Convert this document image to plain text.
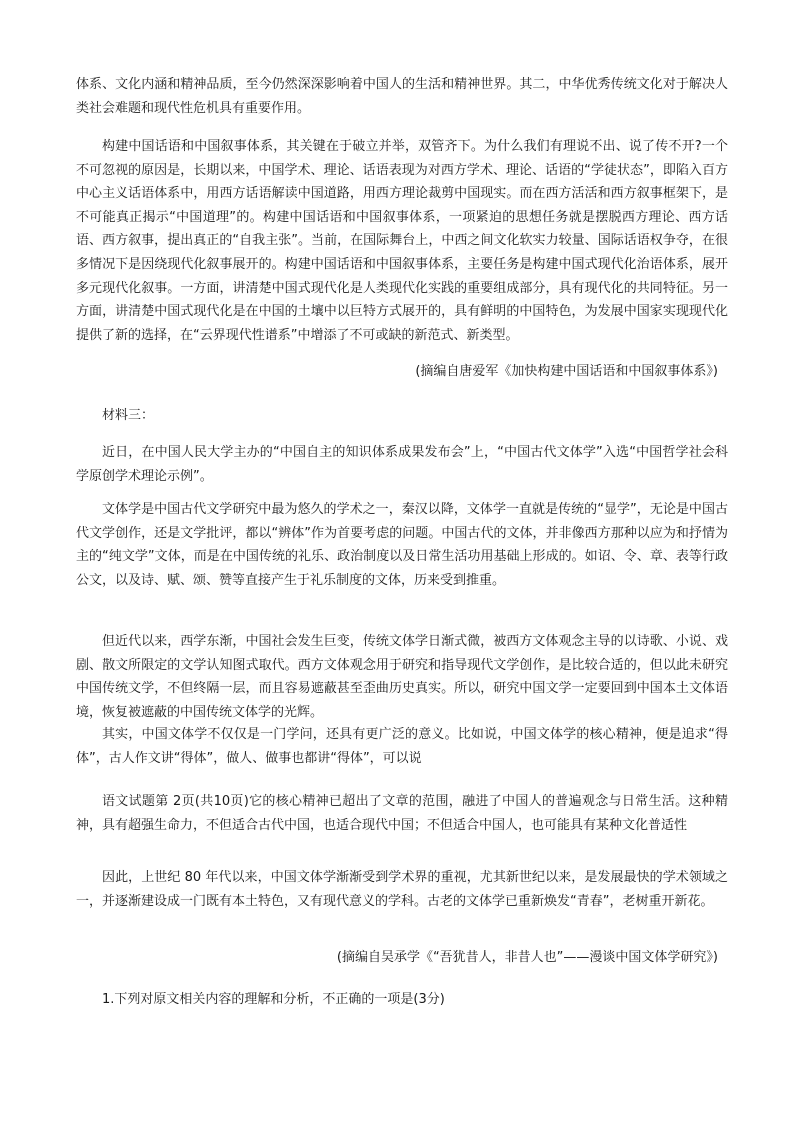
体系、文化内涵和精神品质，至今仍然深深影响着中国人的生活和精神世界。其二，中华优秀传统文化对于解决人类社会难题和现代性危机具有重要作用。

构建中国话语和中国叙事体系，其关键在于破立并举，双管齐下。为什么我们有理说不出、说了传不开?一个不可忽视的原因是，长期以来，中国学术、理论、话语表现为对西方学术、理论、话语的“学徒状态”，即陷入百方中心主义话语体系中，用西方话语解读中国道路，用西方理论裁剪中国现实。而在西方活活和西方叙事框架下，是不可能真正揭示“中国道理”的。构建中国话语和中国叙事体系，一项紧迫的思想任务就是摆脱西方理论、西方话语、西方叙事，提出真正的“自我主张”。当前，在国际舞台上，中西之间文化软实力较量、国际话语权争夺，在很多情况下是因绕现代化叙事展开的。构建中国话语和中国叙事体系，主要任务是构建中国式现代化治语体系，展开多元现代化叙事。一方面，讲清楚中国式现代化是人类现代化实践的重要组成部分，具有现代化的共同特征。另一方面，讲清楚中国式现代化是在中国的土壤中以巨特方式展开的，具有鲜明的中国特色，为发展中国家实现现代化提供了新的选择，在“云界现代性谱系”中增添了不可或缺的新范式、新类型。

(摘编自唐爱军《加快构建中国话语和中国叙事体系》)
材料三：

近日，在中国人民大学主办的“中国自主的知识体系成果发布会”上，“中国古代文体学”入选“中国哲学社会科学原创学术理论示例”。

文体学是中国古代文学研究中最为悠久的学术之一，秦汉以降，文体学一直就是传统的“显学”，无论是中国古代文学创作，还是文学批评，都以“辨体”作为首要考虑的问题。中国古代的文体，并非像西方那种以应为和抒情为主的“纯文学”文体，而是在中国传统的礼乐、政治制度以及日常生活功用基础上形成的。如诏、令、章、表等行政公文，以及诗、赋、颂、赞等直接产生于礼乐制度的文体，历来受到推重。

但近代以来，西学东渐，中国社会发生巨变，传统文体学日渐式微，被西方文体观念主导的以诗歌、小说、戏剧、散文所限定的文学认知图式取代。西方文体观念用于研究和指导现代文学创作，是比较合适的，但以此未研究中国传统文学，不但终隔一层，而且容易遮蔽甚至歪曲历史真实。所以，研究中国文学一定要回到中国本土文体语境，恢复被遮蔽的中国传统文体学的光辉。

其实，中国文体学不仅仅是一门学问，还具有更广泛的意义。比如说，中国文体学的核心精神，便是追求“得体”，古人作文讲“得体”，做人、做事也都讲“得体”，可以说

语文试题第 2页(共10页)它的核心精神已超出了文章的范围，融进了中国人的普遍观念与日常生活。这种精神，具有超强生命力，不但适合古代中国，也适合现代中国；不但适合中国人，也可能具有某种文化普适性

因此，上世纪 80 年代以来，中国文体学渐渐受到学术界的重视，尤其新世纪以来，是发展最快的学术领域之一，并逐渐建设成一门既有本土特色，又有现代意义的学科。古老的文体学已重新焕发“青春”，老树重开新花。

(摘编自吴承学《“吾犹昔人，非昔人也”——漫谈中国文体学研究》)
1.下列对原文相关内容的理解和分析，不正确的一项是(3分)
